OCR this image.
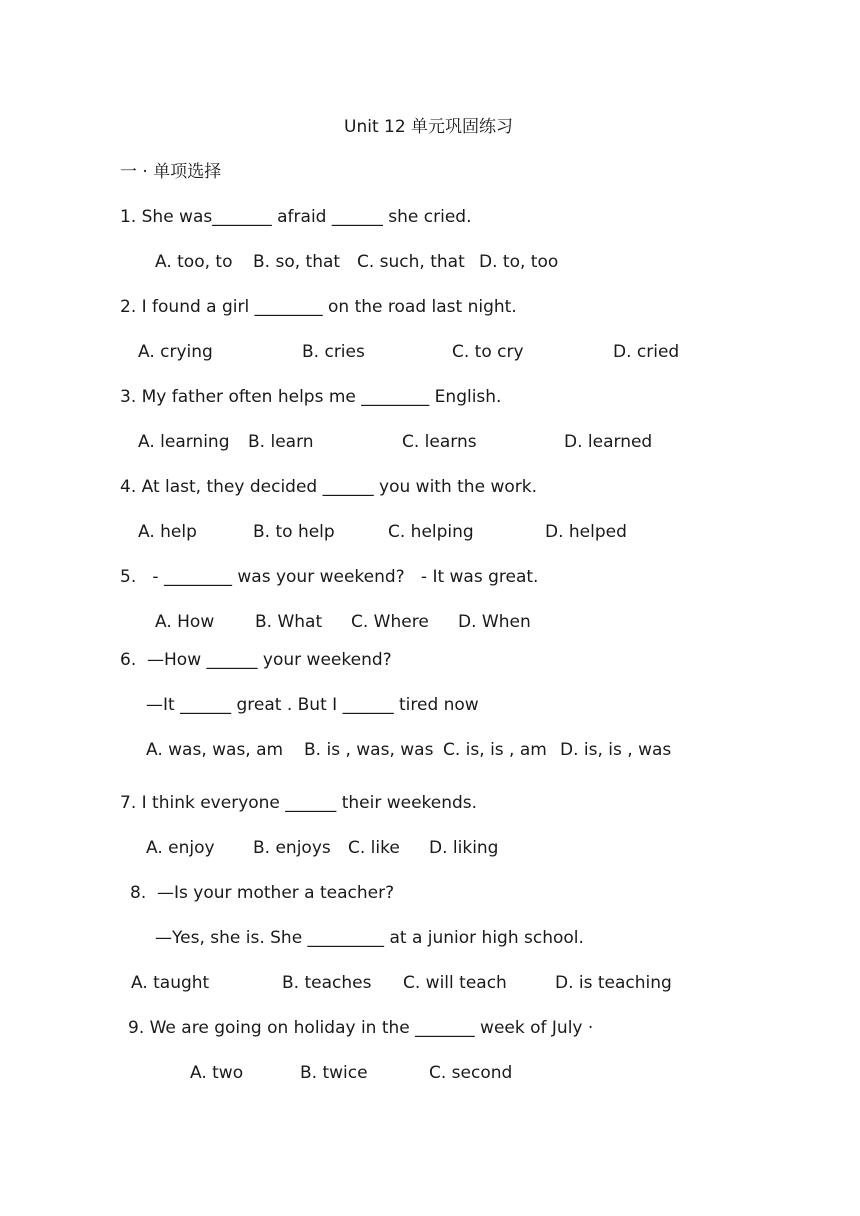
Unit 12 单元巩固练习
一 · 单项选择
1. She was_______ afraid ______ she cried.
A. too, to B. so, that C. such, that D. to, too
2. I found a girl ________ on the road last night.
A. crying	B. cries	C. to cry	D. cried
3. My father often helps me ________ English.
A. learning B. learn	C. learns	D. learned
4. At last, they decided ______ you with the work.
A. help	B. to help	C. helping	D. helped
5.   - ________ was your weekend?   - It was great.
A. How B. What C. Where D. When
6.  —How ______ your weekend?
—It ______ great . But I ______ tired now
A. was, was, am B. is , was, was C. is, is , am D. is, is , was
7. I think everyone ______ their weekends.
A. enjoy B. enjoys C. like D. liking
8.  —Is your mother a teacher?
—Yes, she is. She _________ at a junior high school.
A. taught	B. teaches C. will teach	D. is teaching
9. We are going on holiday in the _______ week of July ·
A. two	B. twice	C. second
